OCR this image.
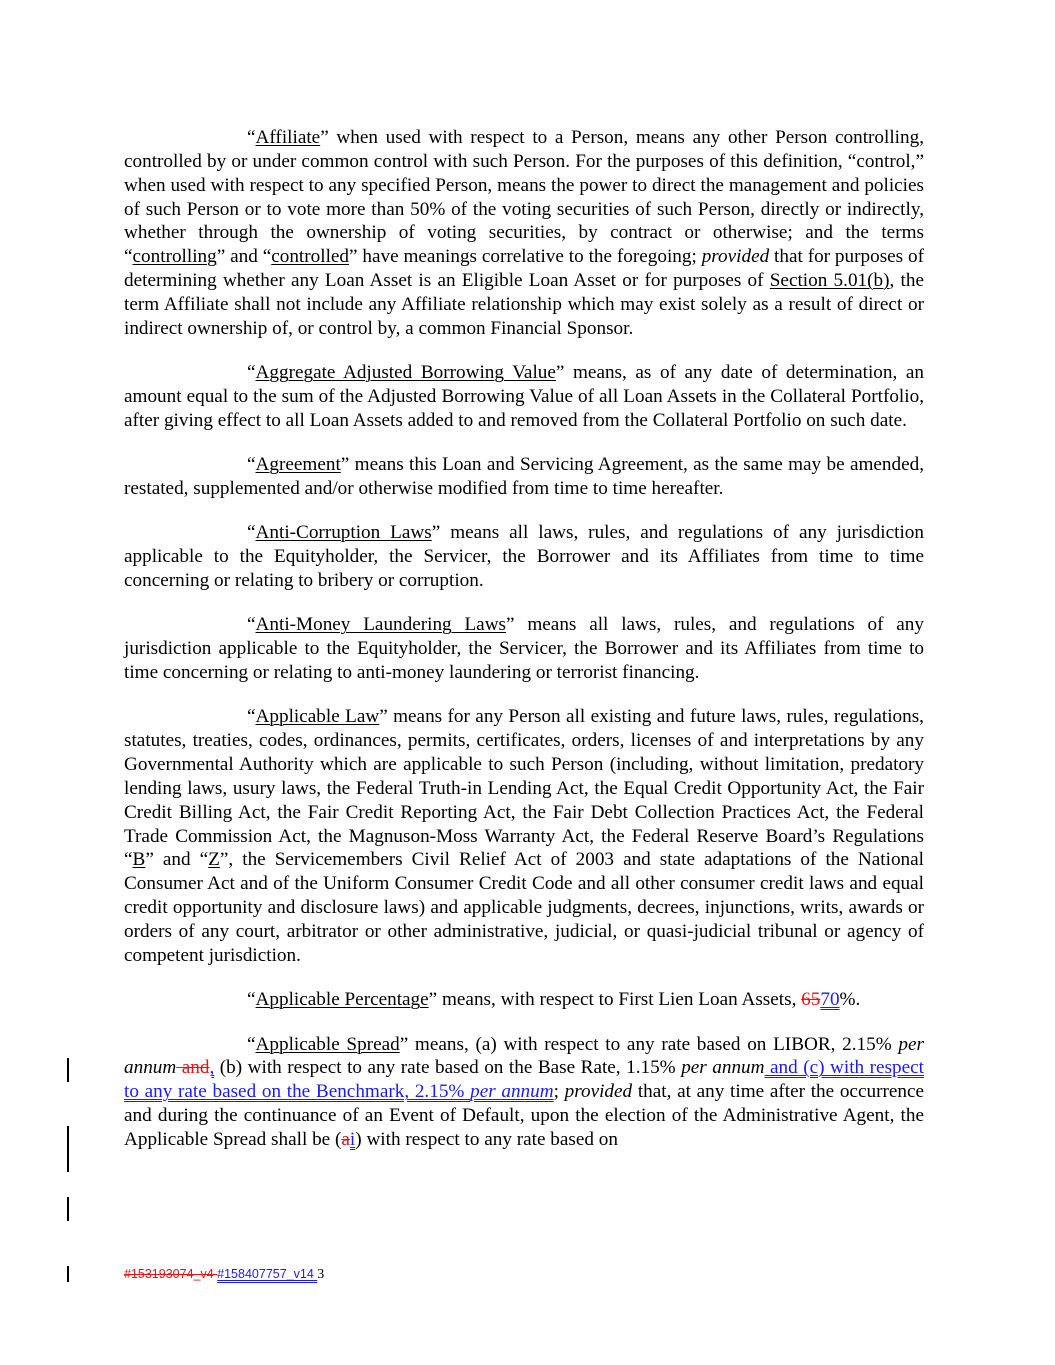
“Affiliate” when used with respect to a Person, means any other Person controlling, controlled by or under common control with such Person. For the purposes of this definition, “control,” when used with respect to any specified Person, means the power to direct the management and policies of such Person or to vote more than 50% of the voting securities of such Person, directly or indirectly, whether through the ownership of voting securities, by contract or otherwise; and the terms “controlling” and “controlled” have meanings correlative to the foregoing; provided that for purposes of determining whether any Loan Asset is an Eligible Loan Asset or for purposes of Section 5.01(b), the term Affiliate shall not include any Affiliate relationship which may exist solely as a result of direct or indirect ownership of, or control by, a common Financial Sponsor.

“Aggregate Adjusted Borrowing Value” means, as of any date of determination, an amount equal to the sum of the Adjusted Borrowing Value of all Loan Assets in the Collateral Portfolio, after giving effect to all Loan Assets added to and removed from the Collateral Portfolio on such date.

“Agreement” means this Loan and Servicing Agreement, as the same may be amended, restated, supplemented and/or otherwise modified from time to time hereafter.

“Anti-Corruption Laws” means all laws, rules, and regulations of any jurisdiction applicable to the Equityholder, the Servicer, the Borrower and its Affiliates from time to time concerning or relating to bribery or corruption.

“Anti-Money Laundering Laws” means all laws, rules, and regulations of any jurisdiction applicable to the Equityholder, the Servicer, the Borrower and its Affiliates from time to time concerning or relating to anti-money laundering or terrorist financing.

“Applicable Law” means for any Person all existing and future laws, rules, regulations, statutes, treaties, codes, ordinances, permits, certificates, orders, licenses of and interpretations by any Governmental Authority which are applicable to such Person (including, without limitation, predatory lending laws, usury laws, the Federal Truth-in Lending Act, the Equal Credit Opportunity Act, the Fair Credit Billing Act, the Fair Credit Reporting Act, the Fair Debt Collection Practices Act, the Federal Trade Commission Act, the Magnuson-Moss Warranty Act, the Federal Reserve Board’s Regulations “B” and “Z”, the Servicemembers Civil Relief Act of 2003 and state adaptations of the National Consumer Act and of the Uniform Consumer Credit Code and all other consumer credit laws and equal credit opportunity and disclosure laws) and applicable judgments, decrees, injunctions, writs, awards or orders of any court, arbitrator or other administrative, judicial, or quasi-judicial tribunal or agency of competent jurisdiction.

“Applicable Percentage” means, with respect to First Lien Loan Assets, 6570%.

“Applicable Spread” means, (a) with respect to any rate based on LIBOR, 2.15% per annum and, (b) with respect to any rate based on the Base Rate, 1.15% per annum and (c) with respect to any rate based on the Benchmark, 2.15% per annum; provided that, at any time after the occurrence and during the continuance of an Event of Default, upon the election of the Administrative Agent, the Applicable Spread shall be (ai) with respect to any rate based on

#153193074_v4 #158407757_v14 3
